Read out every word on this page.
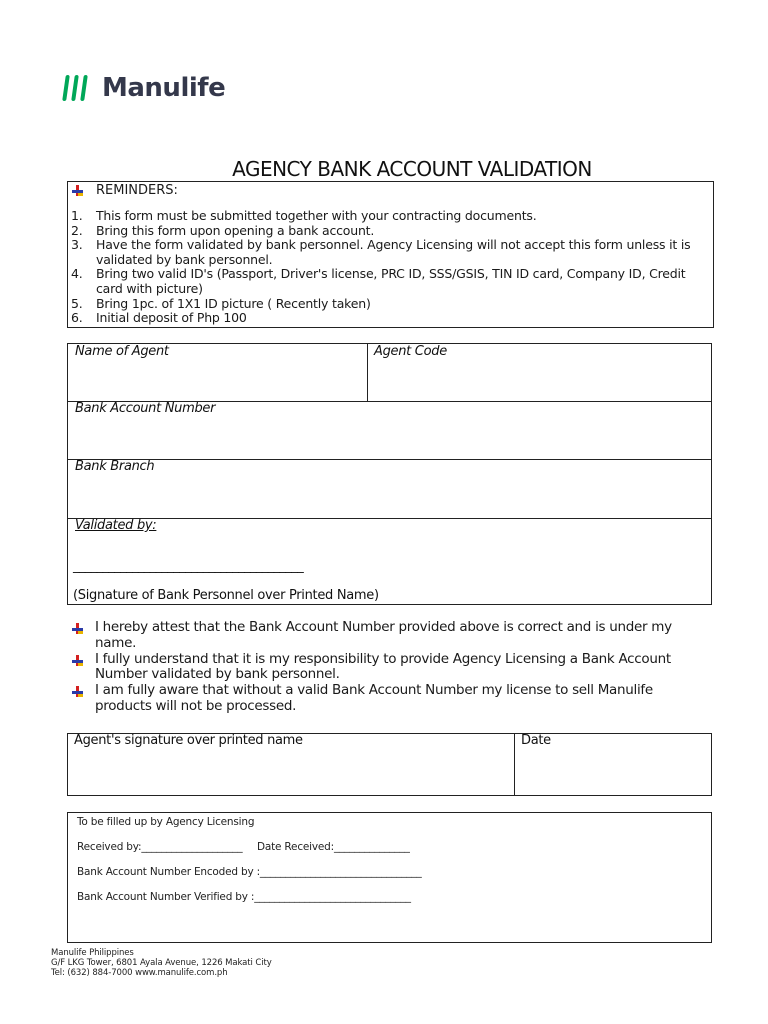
Manulife
AGENCY BANK ACCOUNT VALIDATION
REMINDERS:
1.	This form must be submitted together with your contracting documents.
2.	Bring this form upon opening a bank account.
3.	Have the form validated by bank personnel. Agency Licensing will not accept this form unless it is validated by bank personnel.
4.	Bring two valid ID's (Passport, Driver's license, PRC ID, SSS/GSIS, TIN ID card, Company ID, Credit card with picture)
5.	Bring 1pc. of 1X1 ID picture ( Recently taken)
6.	Initial deposit of Php 100
Name of Agent	Agent Code
Bank Account Number
Bank Branch
Validated by:
_______________________________________
(Signature of Bank Personnel over Printed Name)
I hereby attest that the Bank Account Number provided above is correct and is under my name.
I fully understand that it is my responsibility to provide Agency Licensing a Bank Account Number validated by bank personnel.
I am fully aware that without a valid Bank Account Number my license to sell Manulife products will not be processed.
Agent's signature over printed name	Date
To be filled up by Agency Licensing
Received by:____________________ Date Received:_______________
Bank Account Number Encoded by :________________________________
Bank Account Number Verified by :_______________________________
Manulife Philippines
G/F LKG Tower, 6801 Ayala Avenue, 1226 Makati City
Tel: (632) 884-7000 www.manulife.com.ph
